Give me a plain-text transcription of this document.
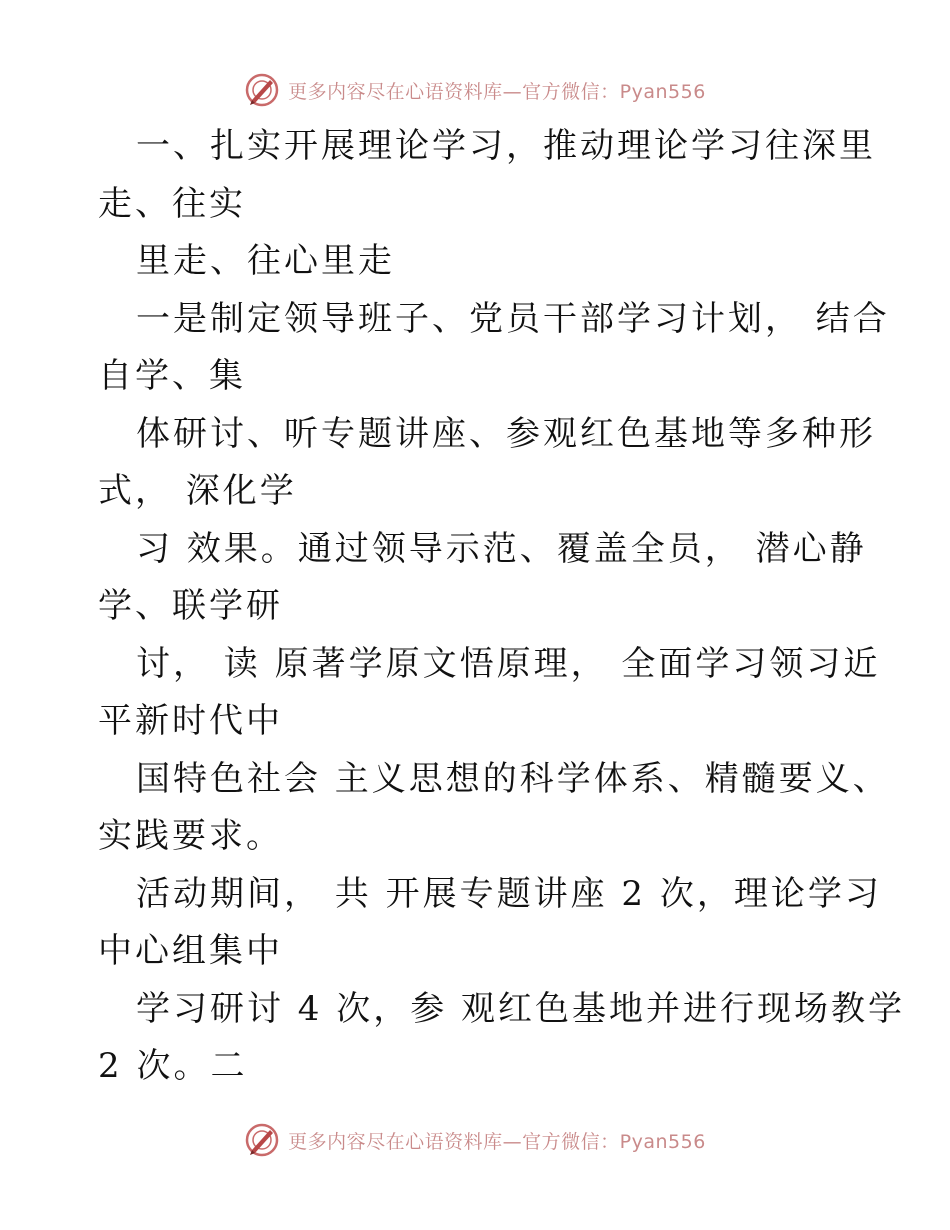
更多内容尽在心语资料库—官方微信：Pyan556

一、扎实开展理论学习，推动理论学习往深里

走、往实

里走、往心里走

一是制定领导班子、党员干部学习计划， 结合

自学、集

体研讨、听专题讲座、参观红色基地等多种形

式， 深化学

习 效果。通过领导示范、覆盖全员， 潜心静

学、联学研

讨， 读 原著学原文悟原理， 全面学习领习近

平新时代中

国特色社会 主义思想的科学体系、精髓要义、

实践要求。

活动期间， 共 开展专题讲座 2 次，理论学习

中心组集中

学习研讨 4 次，参 观红色基地并进行现场教学

2 次。二

更多内容尽在心语资料库—官方微信：Pyan556
